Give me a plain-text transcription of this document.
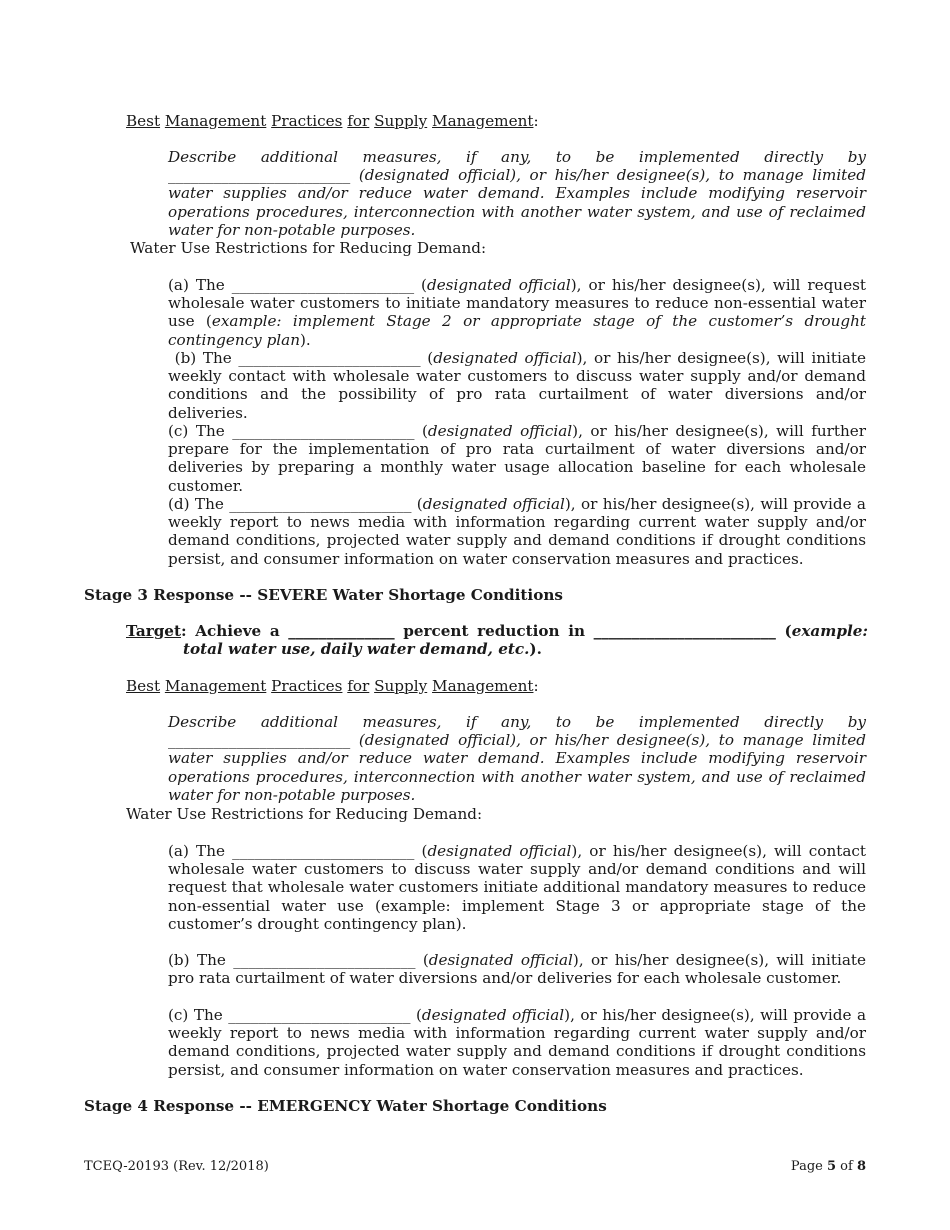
Best Management Practices for Supply Management:

Describe additional measures, if any, to be implemented directly by ________________________ (designated official), or his/her designee(s), to manage limited water supplies and/or reduce water demand. Examples include modifying reservoir operations procedures, interconnection with another water system, and use of reclaimed water for non-potable purposes.

Water Use Restrictions for Reducing Demand:

(a) The ________________________ (designated official), or his/her designee(s), will request wholesale water customers to initiate mandatory measures to reduce non-essential water use (example: implement Stage 2 or appropriate stage of the customer’s drought contingency plan).

(b) The ________________________ (designated official), or his/her designee(s), will initiate weekly contact with wholesale water customers to discuss water supply and/or demand conditions and the possibility of pro rata curtailment of water diversions and/or deliveries.

(c) The ________________________ (designated official), or his/her designee(s), will further prepare for the implementation of pro rata curtailment of water diversions and/or deliveries by preparing a monthly water usage allocation baseline for each wholesale customer.

(d) The ________________________ (designated official), or his/her designee(s), will provide a weekly report to news media with information regarding current water supply and/or demand conditions, projected water supply and demand conditions if drought conditions persist, and consumer information on water conservation measures and practices.

Stage 3 Response -- SEVERE Water Shortage Conditions

Target: Achieve a ______________ percent reduction in ________________________ (example: total water use, daily water demand, etc.).

Best Management Practices for Supply Management:

Describe additional measures, if any, to be implemented directly by ________________________ (designated official), or his/her designee(s), to manage limited water supplies and/or reduce water demand. Examples include modifying reservoir operations procedures, interconnection with another water system, and use of reclaimed water for non-potable purposes.

Water Use Restrictions for Reducing Demand:

(a) The ________________________ (designated official), or his/her designee(s), will contact wholesale water customers to discuss water supply and/or demand conditions and will request that wholesale water customers initiate additional mandatory measures to reduce non-essential water use (example: implement Stage 3 or appropriate stage of the customer’s drought contingency plan).

(b) The ________________________ (designated official), or his/her designee(s), will initiate pro rata curtailment of water diversions and/or deliveries for each wholesale customer.

(c) The ________________________ (designated official), or his/her designee(s), will provide a weekly report to news media with information regarding current water supply and/or demand conditions, projected water supply and demand conditions if drought conditions persist, and consumer information on water conservation measures and practices.

Stage 4 Response -- EMERGENCY Water Shortage Conditions

TCEQ-20193 (Rev. 12/2018)	Page 5 of 8
